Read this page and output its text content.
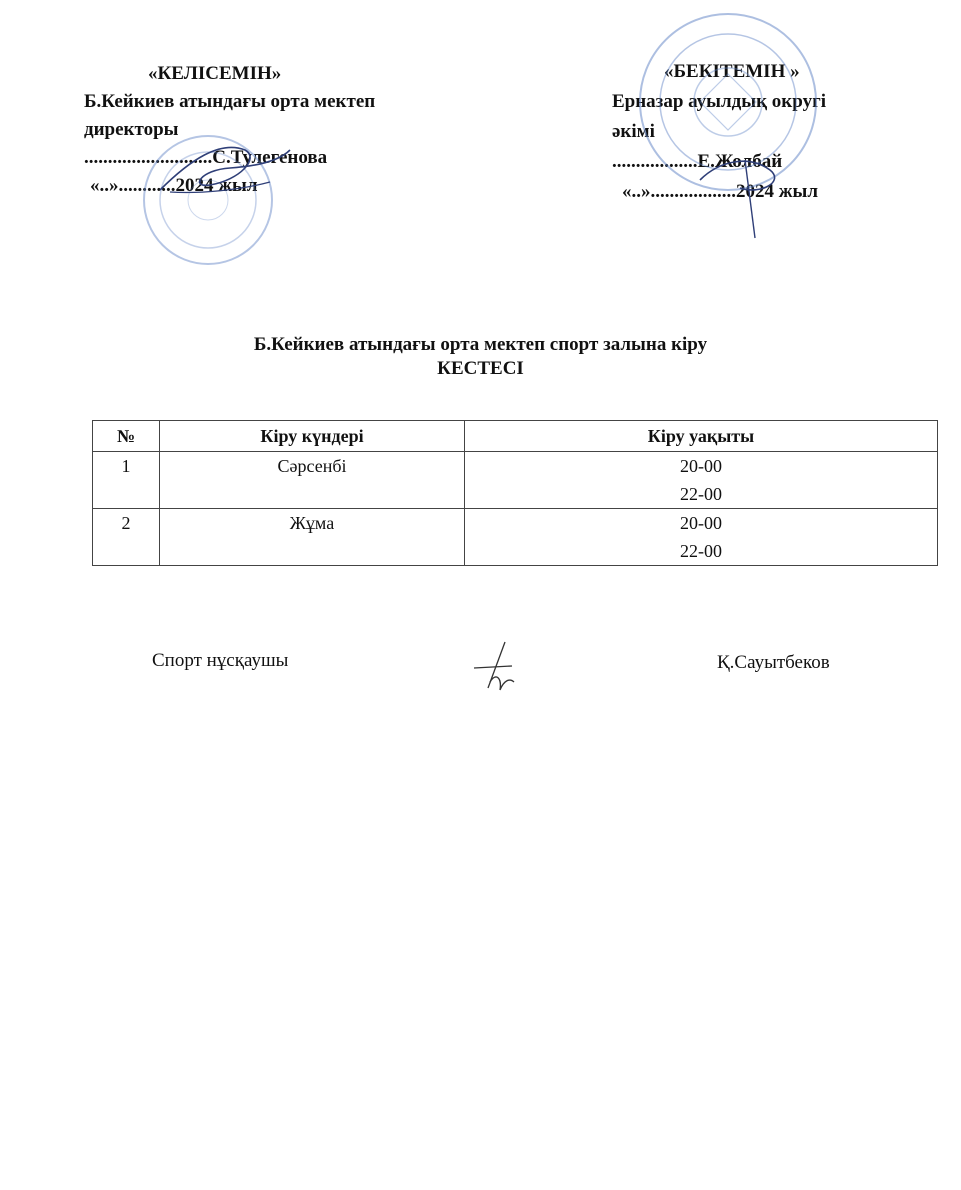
«КЕЛІСЕМІН»
Б.Кейкиев атындағы орта мектеп
директоры
...........................С.Тулегенова
«..»............2024 жыл
«БЕКІТЕМІН »
Ерназар ауылдық округі
әкімі
..................Е.Жолбай
«..»..................2024 жыл
Б.Кейкиев атындағы орта мектеп спорт залына кіру
КЕСТЕСІ
№	Кіру күндері	Кіру уақыты
1	Сәрсенбі	20-00
22-00

2	Жұма	20-00
22-00
Спорт нұсқаушы	Қ.Сауытбеков
